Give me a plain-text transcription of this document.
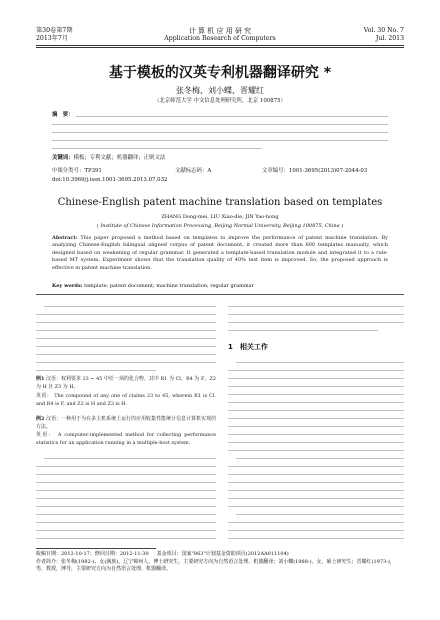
第30卷第7期
2013年7月
计 算 机 应 用 研 究
Application Research of Computers
Vol. 30 No. 7
Jul. 2013
基于模板的汉英专利机器翻译研究 *
张冬梅，刘小蝶，晋耀红
（北京师范大学 中文信息处理研究所，北京 100875）
摘　要：
关键词：模板；专利文献；机器翻译；正则文法
中图分类号：TP391	文献标志码：A	文章编号：1001-3695(2013)07-2044-03
doi:10.3969/j.issn.1001-3695.2013.07.032
Chinese-English patent machine translation based on templates
ZHANG Dong-mei, LIU Xiao-die, JIN Yao-hong
( Institute of Chinese Information Processing, Beijing Normal University, Beijing 100875, China )
Abstract: This paper proposed a method based on templates to improve the performance of patent machine translation. By analyzing Chinese-English bilingual aligned corpus of patent document, it created more than 600 templates manually, which designed based on weakening of regular grammar. It generated a template-based translation module and integrated it to a rule-based MT system. Experiment shows that the translation quality of 40% test item is improved. So, the proposed approach is effective in patent machine translation.
Key words: template; patent document; machine translation; regular grammar
例1 汉语：权利要求 23 ~ 45 中任一项的化合物，其中 R1 为 Cl，R4 为 F，Z2 为 H 且 Z3 为 H。
英语： The compound of any one of claims 23 to 45, wherein R1 is Cl, and R4 is F, and Z2 is H and Z3 is H.
例2 汉语：一种用于为在多主机系统上运行的应用收集性能统计信息计算机实现的方法。
英语： A computer-implemented method for collecting performance statistics for an application running in a multiple-host system.
1　相关工作
收稿日期：2012-10-17；修回日期：2012-11-30 基金项目：国家"863"计划基金资助项目(2012AA011104)
作者简介：张冬梅(1982-)，女(满族)，辽宁锦州人，博士研究生，主要研究方向为自然语言处理、机器翻译；刘小蝶(1988-)，女，硕士研究生；晋耀红(1973-)，男，教授，博导，主要研究方向为自然语言处理、机器翻译。
